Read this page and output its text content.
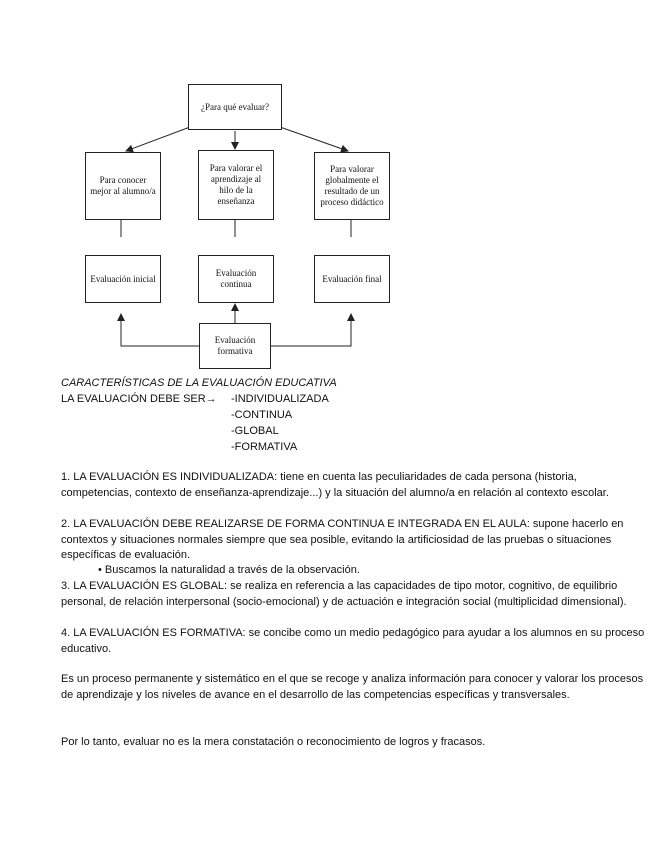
¿Para qué evaluar?
Para conocer mejor al alumno/a
Para valorar el aprendizaje al hilo de la enseñanza
Para valorar globalmente el resultado de un proceso didáctico
Evaluación inicial
Evaluación continua
Evaluación final
Evaluación formativa
CARACTERÍSTICAS DE LA EVALUACIÓN EDUCATIVA
LA EVALUACIÓN DEBE SER→ -INDIVIDUALIZADA
-CONTINUA
-GLOBAL
-FORMATIVA
1. LA EVALUACIÓN ES INDIVIDUALIZADA: tiene en cuenta las peculiaridades de cada persona (historia, competencias, contexto de enseñanza-aprendizaje...) y la situación del alumno/a en relación al contexto escolar.
2. LA EVALUACIÓN DEBE REALIZARSE DE FORMA CONTINUA E INTEGRADA EN EL AULA: supone hacerlo en contextos y situaciones normales siempre que sea posible, evitando la artificiosidad de las pruebas o situaciones específicas de evaluación.
• Buscamos la naturalidad a través de la observación.
3. LA EVALUACIÓN ES GLOBAL: se realiza en referencia a las capacidades de tipo motor, cognitivo, de equilibrio personal, de relación interpersonal (socio-emocional) y de actuación e integración social (multiplicidad dimensional).
4. LA EVALUACIÓN ES FORMATIVA: se concibe como un medio pedagógico para ayudar a los alumnos en su proceso educativo.
Es un proceso permanente y sistemático en el que se recoge y analiza información para conocer y valorar los procesos de aprendizaje y los niveles de avance en el desarrollo de las competencias específicas y transversales.
Por lo tanto, evaluar no es la mera constatación o reconocimiento de logros y fracasos.
